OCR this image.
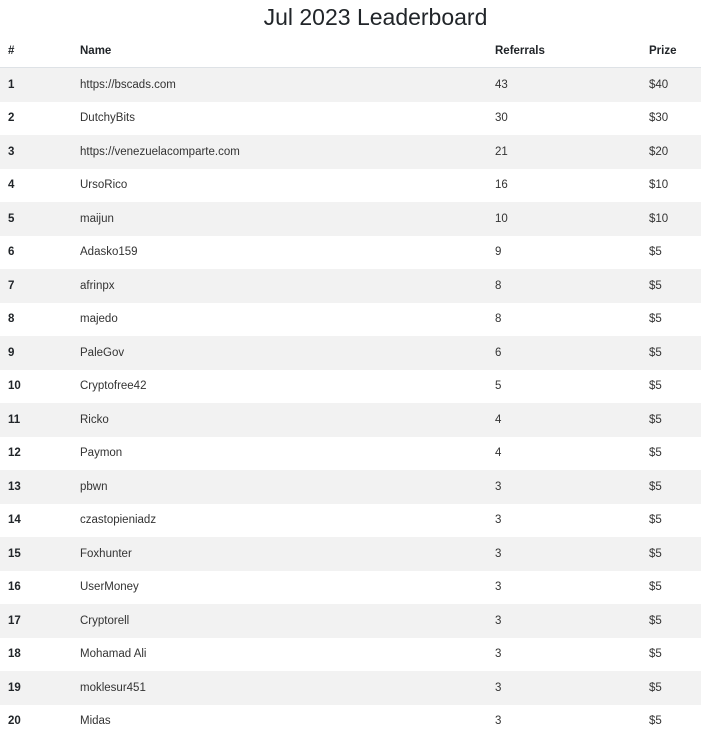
Jul 2023 Leaderboard
#	Name	Referrals	Prize
1	https://bscads.com	43	$40
2	DutchyBits	30	$30
3	https://venezuelacomparte.com	21	$20
4	UrsoRico	16	$10
5	maijun	10	$10
6	Adasko159	9	$5
7	afrinpx	8	$5
8	majedo	8	$5
9	PaleGov	6	$5
10	Cryptofree42	5	$5
11	Ricko	4	$5
12	Paymon	4	$5
13	pbwn	3	$5
14	czastopieniadz	3	$5
15	Foxhunter	3	$5
16	UserMoney	3	$5
17	Cryptorell	3	$5
18	Mohamad Ali	3	$5
19	moklesur451	3	$5
20	Midas	3	$5
